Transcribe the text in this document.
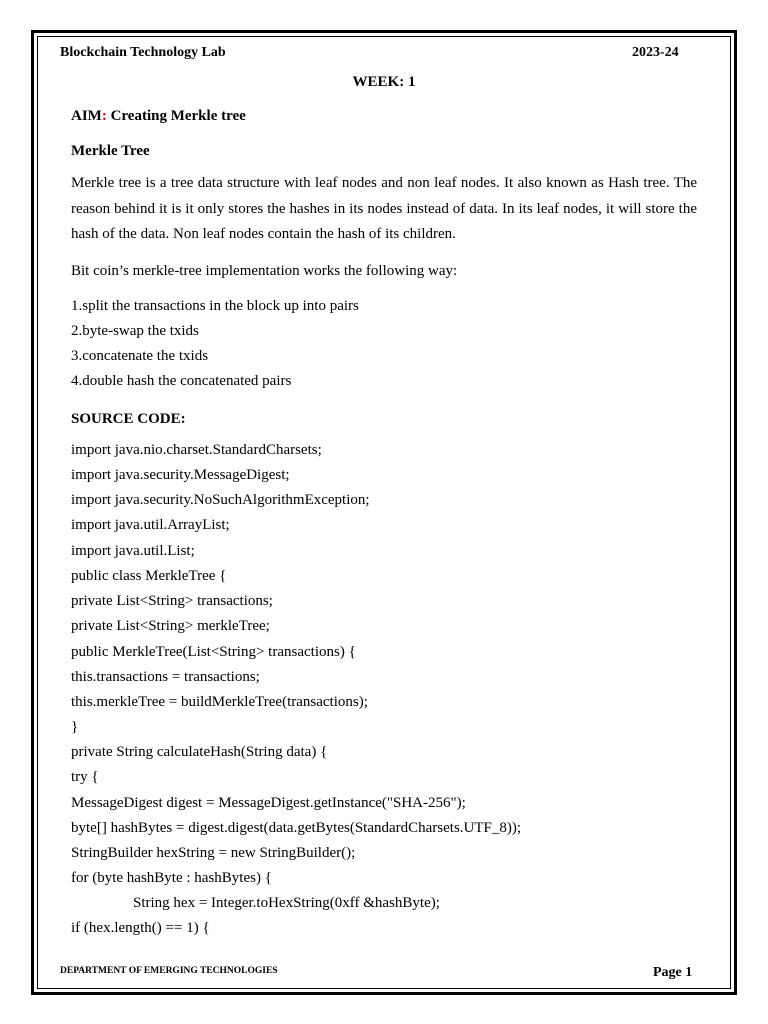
Blockchain Technology Lab	2023-24
WEEK: 1
AIM: Creating Merkle tree
Merkle Tree
Merkle tree is a tree data structure with leaf nodes and non leaf nodes. It also known as Hash tree. The reason behind it is it only stores the hashes in its nodes instead of data. In its leaf nodes, it will store the hash of the data. Non leaf nodes contain the hash of its children.
Bit coin’s merkle-tree implementation works the following way:
1.split the transactions in the block up into pairs
2.byte-swap the txids
3.concatenate the txids
4.double hash the concatenated pairs
SOURCE CODE:
import java.nio.charset.StandardCharsets;
import java.security.MessageDigest;
import java.security.NoSuchAlgorithmException;
import java.util.ArrayList;
import java.util.List;
public class MerkleTree {
private List<String> transactions;
private List<String> merkleTree;
public MerkleTree(List<String> transactions) {
this.transactions = transactions;
this.merkleTree = buildMerkleTree(transactions);
}
private String calculateHash(String data) {
try {
MessageDigest digest = MessageDigest.getInstance("SHA-256");
byte[] hashBytes = digest.digest(data.getBytes(StandardCharsets.UTF_8));
StringBuilder hexString = new StringBuilder();
for (byte hashByte : hashBytes) {
String hex = Integer.toHexString(0xff &hashByte);
if (hex.length() == 1) {
DEPARTMENT OF EMERGING TECHNOLOGIES	Page 1
